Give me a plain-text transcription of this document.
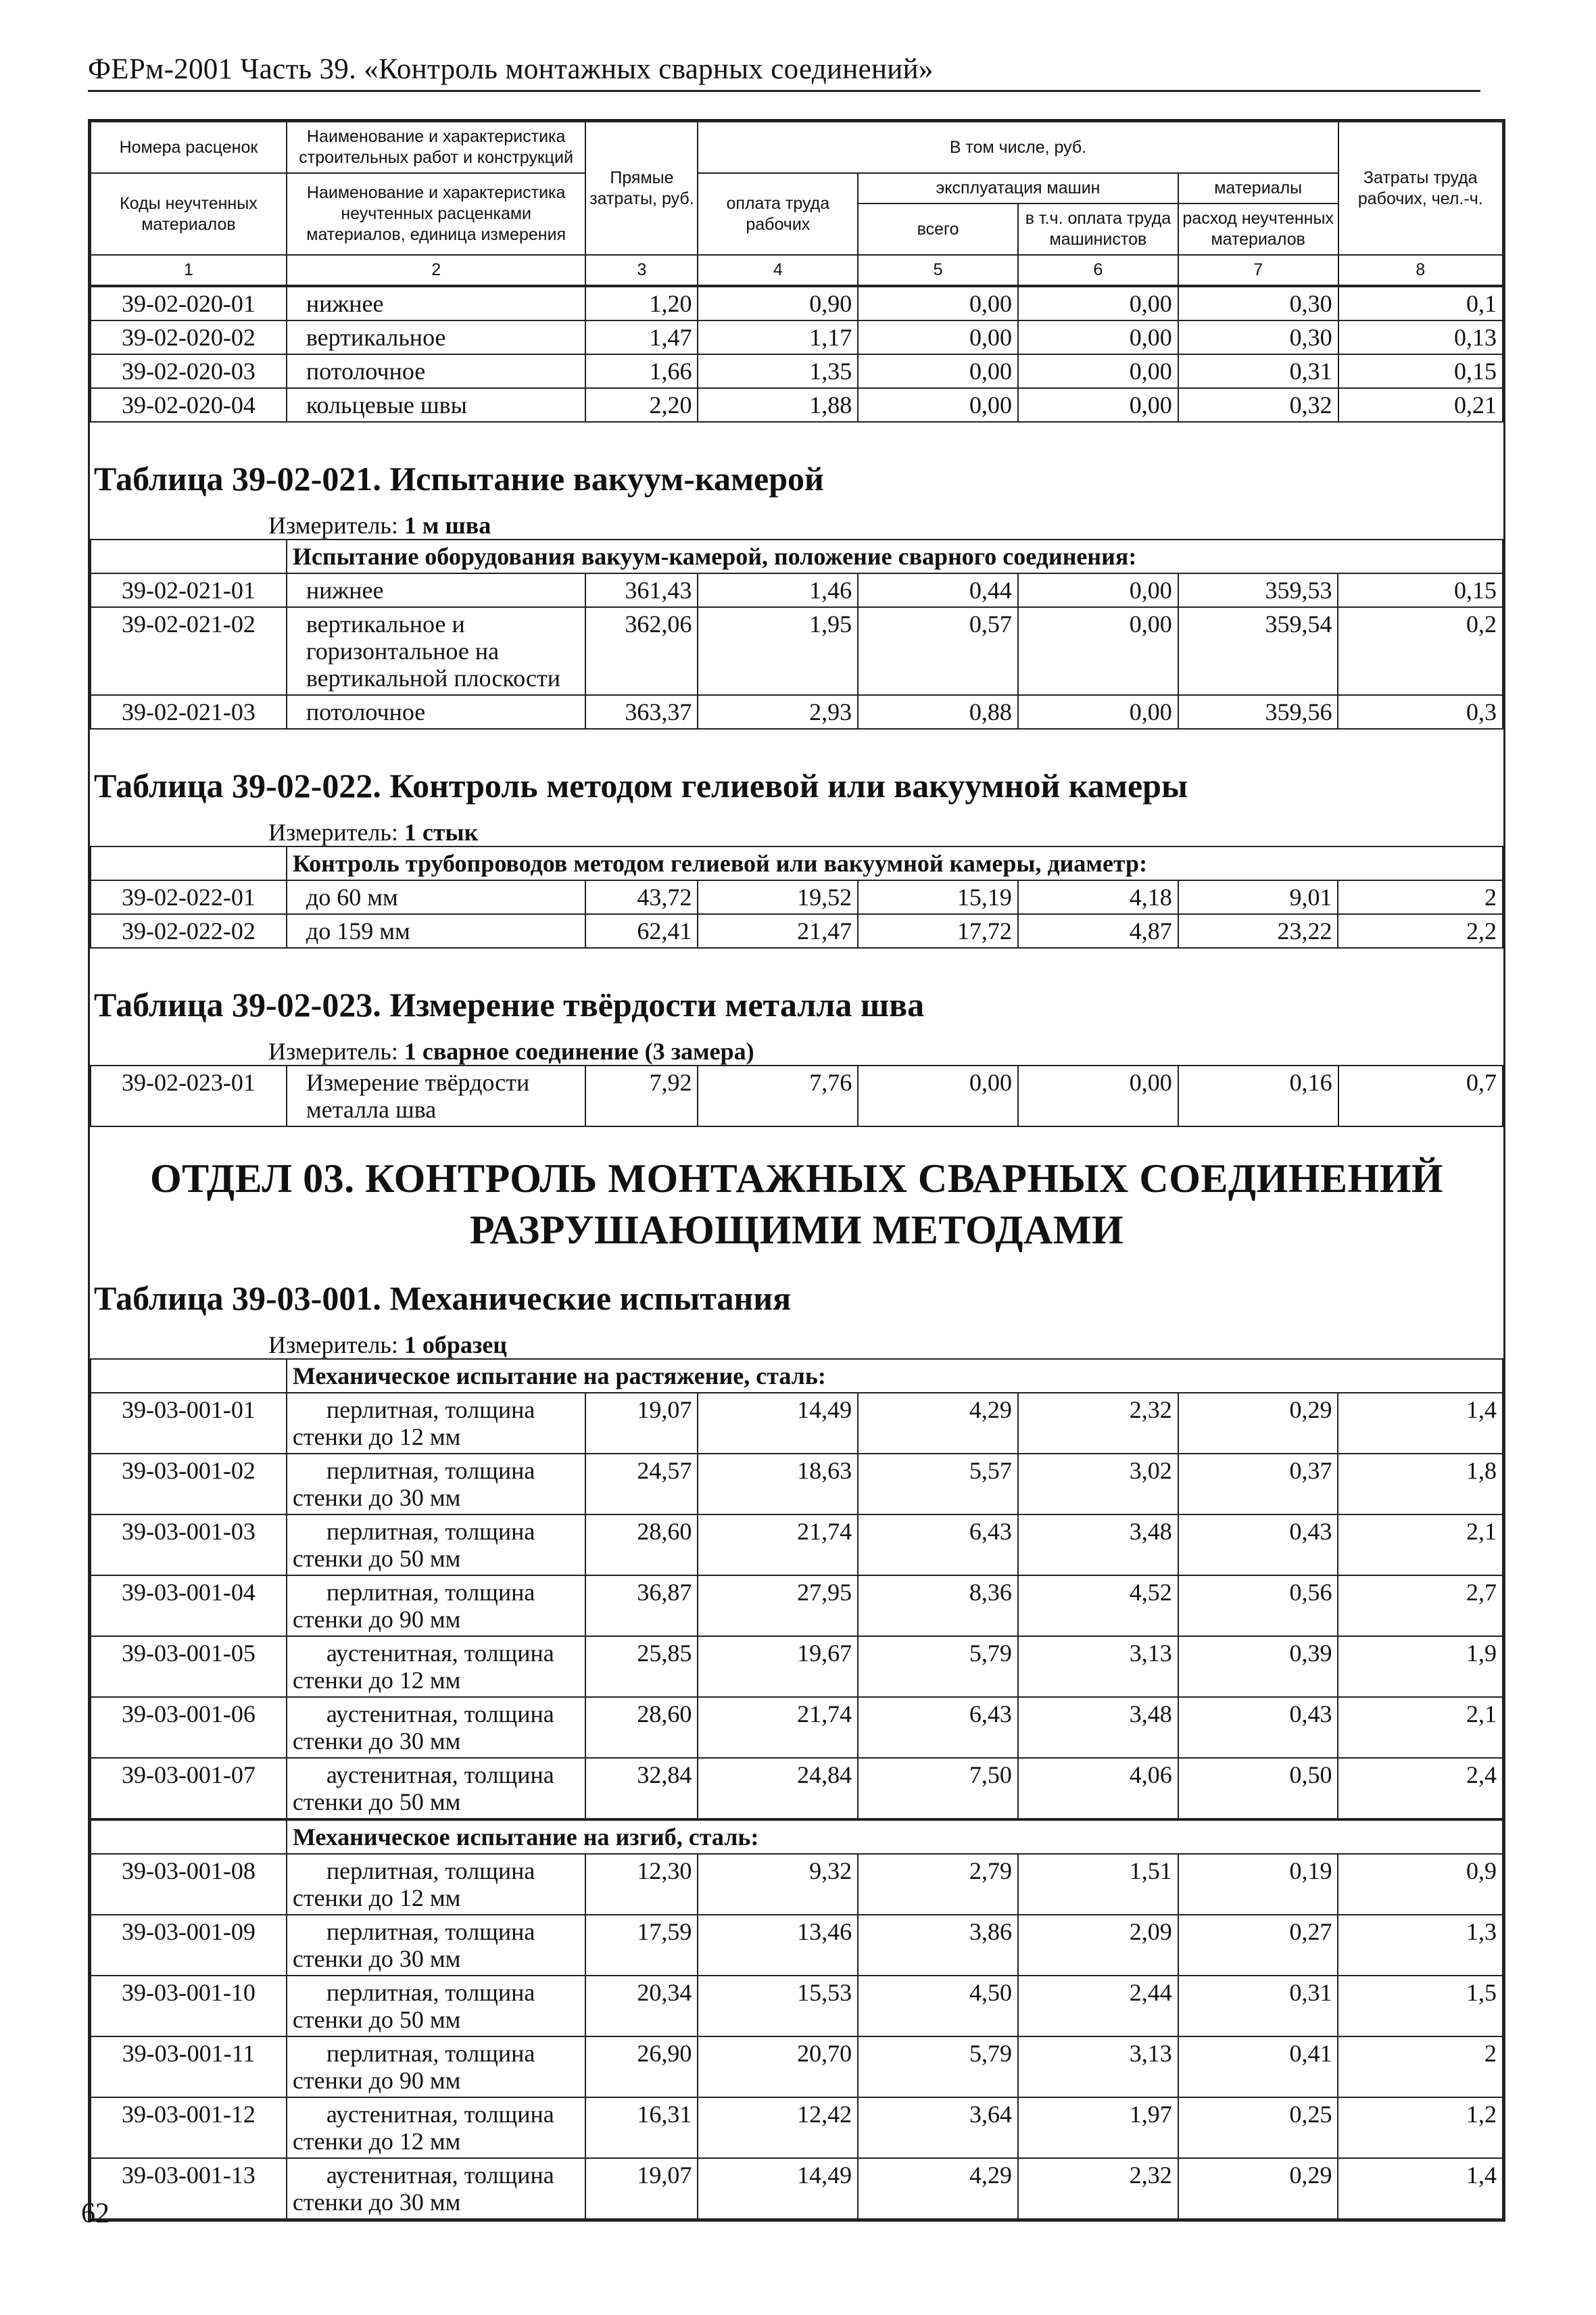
ФЕРм-2001 Часть 39. «Контроль монтажных сварных соединений»
Номера расценок	Наименование и характеристика строительных работ и конструкций	Прямые затраты, руб.	В том числе, руб.				Затраты труда рабочих, чел.-ч.
Коды неучтенных материалов	Наименование и характеристика неучтенных расценками материалов, единица измерения		оплата труда рабочих	эксплуатация машин		материалы	
				всего	в т.ч. оплата труда машинистов	расход неучтенных материалов	
1	2	3	4	5	6	7	8
39-02-020-01	нижнее	1,20	0,90	0,00	0,00	0,30	0,1
39-02-020-02	вертикальное	1,47	1,17	0,00	0,00	0,30	0,13
39-02-020-03	потолочное	1,66	1,35	0,00	0,00	0,31	0,15
39-02-020-04	кольцевые швы	2,20	1,88	0,00	0,00	0,32	0,21
Таблица 39-02-021. Испытание вакуум-камерой
Измеритель: 1 м шва
	Испытание оборудования вакуум-камерой, положение сварного соединения:						
39-02-021-01	нижнее	361,43	1,46	0,44	0,00	359,53	0,15
39-02-021-02	вертикальное и горизонтальное на вертикальной плоскости	362,06	1,95	0,57	0,00	359,54	0,2
39-02-021-03	потолочное	363,37	2,93	0,88	0,00	359,56	0,3
Таблица 39-02-022. Контроль методом гелиевой или вакуумной камеры
Измеритель: 1 стык
	Контроль трубопроводов методом гелиевой или вакуумной камеры, диаметр:						
39-02-022-01	до 60 мм	43,72	19,52	15,19	4,18	9,01	2
39-02-022-02	до 159 мм	62,41	21,47	17,72	4,87	23,22	2,2
Таблица 39-02-023. Измерение твёрдости металла шва
Измеритель: 1 сварное соединение (3 замера)
39-02-023-01	Измерение твёрдости металла шва	7,92	7,76	0,00	0,00	0,16	0,7
ОТДЕЛ 03. КОНТРОЛЬ МОНТАЖНЫХ СВАРНЫХ СОЕДИНЕНИЙ РАЗРУШАЮЩИМИ МЕТОДАМИ
Таблица 39-03-001. Механические испытания
Измеритель: 1 образец
	Механическое испытание на растяжение, сталь:						
39-03-001-01	перлитная, толщина стенки до 12 мм	19,07	14,49	4,29	2,32	0,29	1,4
39-03-001-02	перлитная, толщина стенки до 30 мм	24,57	18,63	5,57	3,02	0,37	1,8
39-03-001-03	перлитная, толщина стенки до 50 мм	28,60	21,74	6,43	3,48	0,43	2,1
39-03-001-04	перлитная, толщина стенки до 90 мм	36,87	27,95	8,36	4,52	0,56	2,7
39-03-001-05	аустенитная, толщина стенки до 12 мм	25,85	19,67	5,79	3,13	0,39	1,9
39-03-001-06	аустенитная, толщина стенки до 30 мм	28,60	21,74	6,43	3,48	0,43	2,1
39-03-001-07	аустенитная, толщина стенки до 50 мм	32,84	24,84	7,50	4,06	0,50	2,4
	Механическое испытание на изгиб, сталь:						
39-03-001-08	перлитная, толщина стенки до 12 мм	12,30	9,32	2,79	1,51	0,19	0,9
39-03-001-09	перлитная, толщина стенки до 30 мм	17,59	13,46	3,86	2,09	0,27	1,3
39-03-001-10	перлитная, толщина стенки до 50 мм	20,34	15,53	4,50	2,44	0,31	1,5
39-03-001-11	перлитная, толщина стенки до 90 мм	26,90	20,70	5,79	3,13	0,41	2
39-03-001-12	аустенитная, толщина стенки до 12 мм	16,31	12,42	3,64	1,97	0,25	1,2
39-03-001-13	аустенитная, толщина стенки до 30 мм	19,07	14,49	4,29	2,32	0,29	1,4
62
